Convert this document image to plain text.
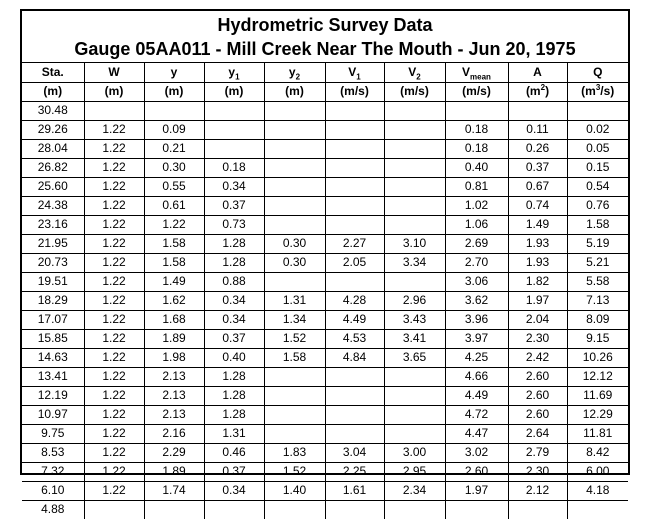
Hydrometric Survey Data
Gauge 05AA011 - Mill Creek Near The Mouth - Jun 20, 1975
Sta.	W	y	$y_1$	$y_2$	$V_1$	$V_2$	$V_{mean}$	A	Q
(m)	(m)	(m)	(m)	(m)	(m/s)	(m/s)	(m/s)	$(m^2)$	$(m^3/s)$
30.48									
29.26	1.22	0.09					0.18	0.11	0.02
28.04	1.22	0.21					0.18	0.26	0.05
26.82	1.22	0.30	0.18				0.40	0.37	0.15
25.60	1.22	0.55	0.34				0.81	0.67	0.54
24.38	1.22	0.61	0.37				1.02	0.74	0.76
23.16	1.22	1.22	0.73				1.06	1.49	1.58
21.95	1.22	1.58	1.28	0.30	2.27	3.10	2.69	1.93	5.19
20.73	1.22	1.58	1.28	0.30	2.05	3.34	2.70	1.93	5.21
19.51	1.22	1.49	0.88				3.06	1.82	5.58
18.29	1.22	1.62	0.34	1.31	4.28	2.96	3.62	1.97	7.13
17.07	1.22	1.68	0.34	1.34	4.49	3.43	3.96	2.04	8.09
15.85	1.22	1.89	0.37	1.52	4.53	3.41	3.97	2.30	9.15
14.63	1.22	1.98	0.40	1.58	4.84	3.65	4.25	2.42	10.26
13.41	1.22	2.13	1.28				4.66	2.60	12.12
12.19	1.22	2.13	1.28				4.49	2.60	11.69
10.97	1.22	2.13	1.28				4.72	2.60	12.29
9.75	1.22	2.16	1.31				4.47	2.64	11.81
8.53	1.22	2.29	0.46	1.83	3.04	3.00	3.02	2.79	8.42
7.32	1.22	1.89	0.37	1.52	2.25	2.95	2.60	2.30	6.00
6.10	1.22	1.74	0.34	1.40	1.61	2.34	1.97	2.12	4.18
4.88									
